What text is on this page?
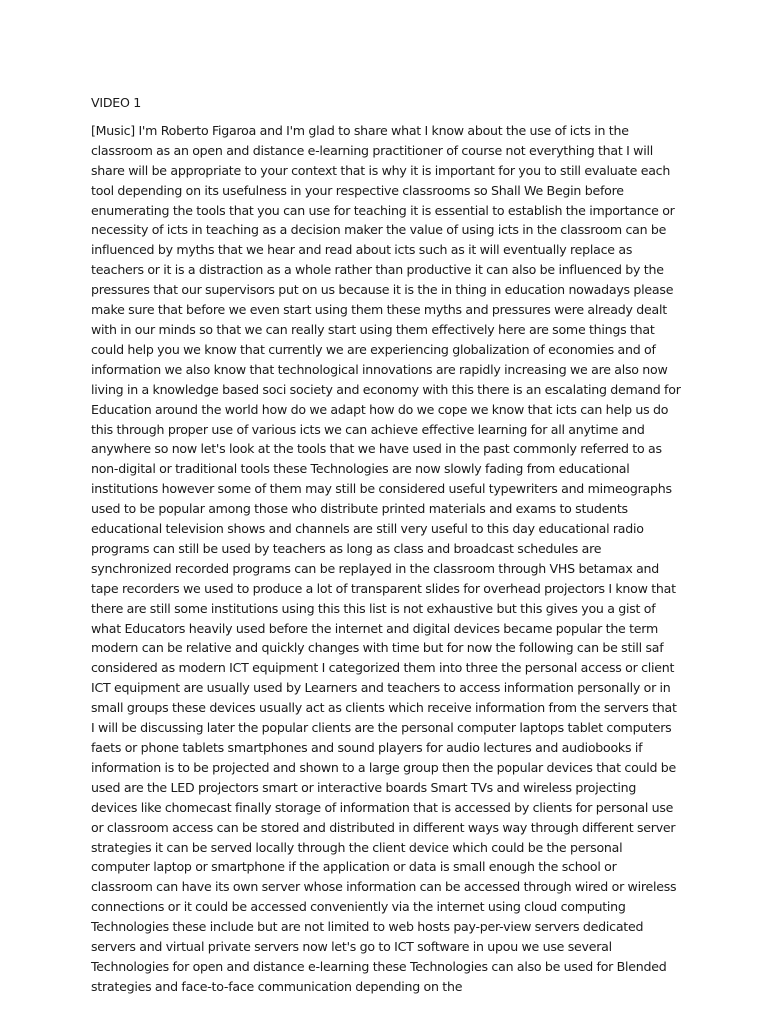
VIDEO 1

[Music] I'm Roberto Figaroa and I'm glad to share what I know about the use of icts in the classroom as an open and distance e-learning practitioner of course not everything that I will share will be appropriate to your context that is why it is important for you to still evaluate each tool depending on its usefulness in your respective classrooms so Shall We Begin before enumerating the tools that you can use for teaching it is essential to establish the importance or necessity of icts in teaching as a decision maker the value of using icts in the classroom can be influenced by myths that we hear and read about icts such as it will eventually replace as teachers or it is a distraction as a whole rather than productive it can also be influenced by the pressures that our supervisors put on us because it is the in thing in education nowadays please make sure that before we even start using them these myths and pressures were already dealt with in our minds so that we can really start using them effectively here are some things that could help you we know that currently we are experiencing globalization of economies and of information we also know that technological innovations are rapidly increasing we are also now living in a knowledge based soci society and economy with this there is an escalating demand for Education around the world how do we adapt how do we cope we know that icts can help us do this through proper use of various icts we can achieve effective learning for all anytime and anywhere so now let's look at the tools that we have used in the past commonly referred to as non-digital or traditional tools these Technologies are now slowly fading from educational institutions however some of them may still be considered useful typewriters and mimeographs used to be popular among those who distribute printed materials and exams to students educational television shows and channels are still very useful to this day educational radio programs can still be used by teachers as long as class and broadcast schedules are synchronized recorded programs can be replayed in the classroom through VHS betamax and tape recorders we used to produce a lot of transparent slides for overhead projectors I know that there are still some institutions using this this list is not exhaustive but this gives you a gist of what Educators heavily used before the internet and digital devices became popular the term modern can be relative and quickly changes with time but for now the following can be still saf considered as modern ICT equipment I categorized them into three the personal access or client ICT equipment are usually used by Learners and teachers to access information personally or in small groups these devices usually act as clients which receive information from the servers that I will be discussing later the popular clients are the personal computer laptops tablet computers faets or phone tablets smartphones and sound players for audio lectures and audiobooks if information is to be projected and shown to a large group then the popular devices that could be used are the LED projectors smart or interactive boards Smart TVs and wireless projecting devices like chomecast finally storage of information that is accessed by clients for personal use or classroom access can be stored and distributed in different ways way through different server strategies it can be served locally through the client device which could be the personal computer laptop or smartphone if the application or data is small enough the school or classroom can have its own server whose information can be accessed through wired or wireless connections or it could be accessed conveniently via the internet using cloud computing Technologies these include but are not limited to web hosts pay-per-view servers dedicated servers and virtual private servers now let's go to ICT software in upou we use several Technologies for open and distance e-learning these Technologies can also be used for Blended strategies and face-to-face communication depending on the
